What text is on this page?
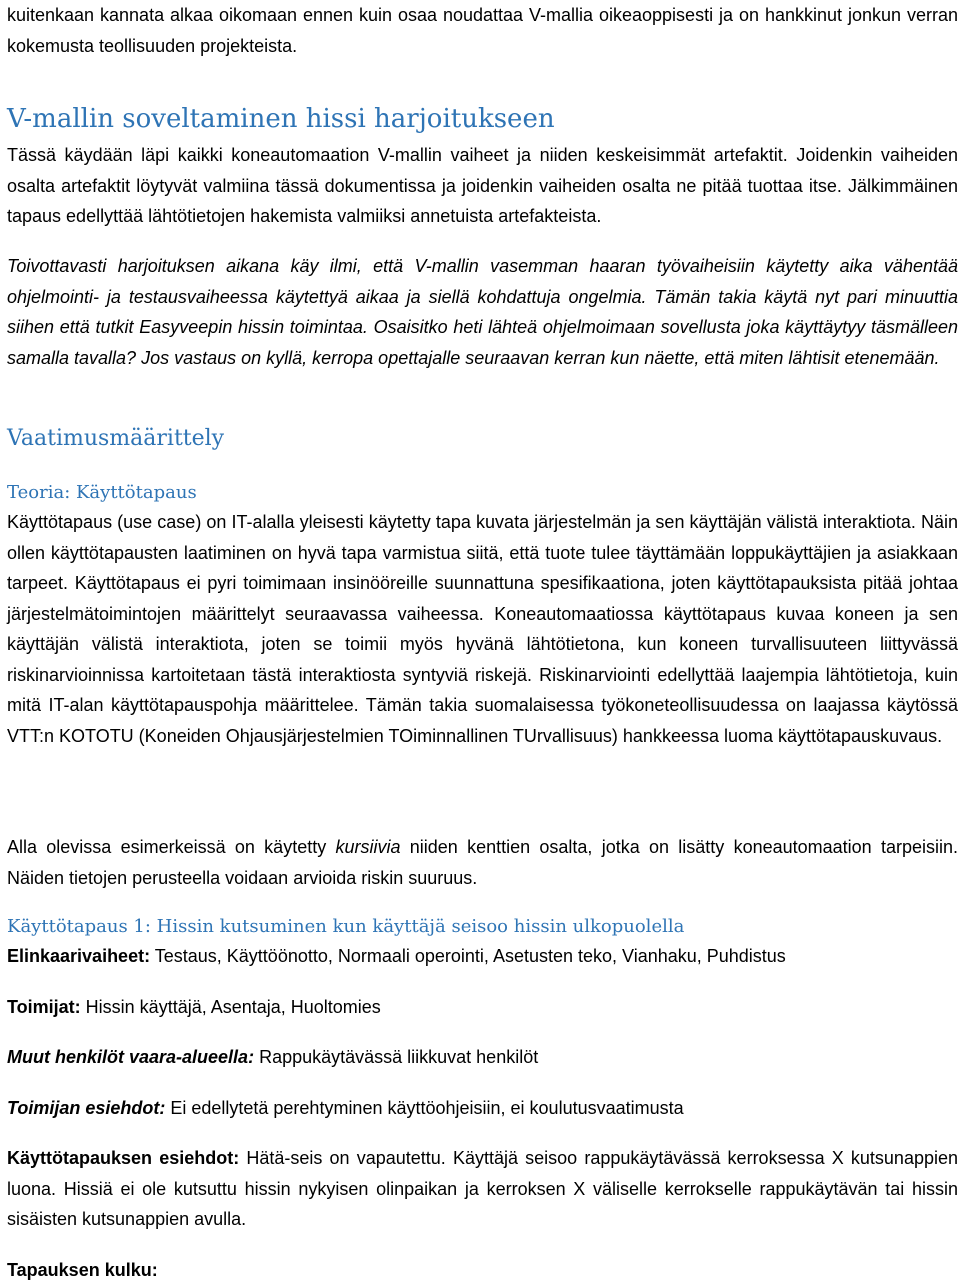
kuitenkaan kannata alkaa oikomaan ennen kuin osaa noudattaa V-mallia oikeaoppisesti ja on hankkinut jonkun verran kokemusta teollisuuden projekteista.

V-mallin soveltaminen hissi harjoitukseen

Tässä käydään läpi kaikki koneautomaation V-mallin vaiheet ja niiden keskeisimmät artefaktit. Joidenkin vaiheiden osalta artefaktit löytyvät valmiina tässä dokumentissa ja joidenkin vaiheiden osalta ne pitää tuottaa itse. Jälkimmäinen tapaus edellyttää lähtötietojen hakemista valmiiksi annetuista artefakteista.

Toivottavasti harjoituksen aikana käy ilmi, että V-mallin vasemman haaran työvaiheisiin käytetty aika vähentää ohjelmointi- ja testausvaiheessa käytettyä aikaa ja siellä kohdattuja ongelmia. Tämän takia käytä nyt pari minuuttia siihen että tutkit Easyveepin hissin toimintaa. Osaisitko heti lähteä ohjelmoimaan sovellusta joka käyttäytyy täsmälleen samalla tavalla? Jos vastaus on kyllä, kerropa opettajalle seuraavan kerran kun näette, että miten lähtisit etenemään.

Vaatimusmäärittely
Teoria: Käyttötapaus

Käyttötapaus (use case) on IT-alalla yleisesti käytetty tapa kuvata järjestelmän ja sen käyttäjän välistä interaktiota. Näin ollen käyttötapausten laatiminen on hyvä tapa varmistua siitä, että tuote tulee täyttämään loppukäyttäjien ja asiakkaan tarpeet. Käyttötapaus ei pyri toimimaan insinööreille suunnattuna spesifikaationa, joten käyttötapauksista pitää johtaa järjestelmätoimintojen määrittelyt seuraavassa vaiheessa. Koneautomaatiossa käyttötapaus kuvaa koneen ja sen käyttäjän välistä interaktiota, joten se toimii myös hyvänä lähtötietona, kun koneen turvallisuuteen liittyvässä riskinarvioinnissa kartoitetaan tästä interaktiosta syntyviä riskejä. Riskinarviointi edellyttää laajempia lähtötietoja, kuin mitä IT-alan käyttötapauspohja määrittelee. Tämän takia suomalaisessa työkoneteollisuudessa on laajassa käytössä VTT:n KOTOTU (Koneiden Ohjausjärjestelmien TOiminnallinen TUrvallisuus) hankkeessa luoma käyttötapauskuvaus.

Alla olevissa esimerkeissä on käytetty kursiivia niiden kenttien osalta, jotka on lisätty koneautomaation tarpeisiin. Näiden tietojen perusteella voidaan arvioida riskin suuruus.

Käyttötapaus 1: Hissin kutsuminen kun käyttäjä seisoo hissin ulkopuolella

Elinkaarivaiheet: Testaus, Käyttöönotto, Normaali operointi, Asetusten teko, Vianhaku, Puhdistus

Toimijat: Hissin käyttäjä, Asentaja, Huoltomies

Muut henkilöt vaara-alueella: Rappukäytävässä liikkuvat henkilöt

Toimijan esiehdot: Ei edellytetä perehtyminen käyttöohjeisiin, ei koulutusvaatimusta

Käyttötapauksen esiehdot: Hätä-seis on vapautettu. Käyttäjä seisoo rappukäytävässä kerroksessa X kutsunappien luona. Hissiä ei ole kutsuttu hissin nykyisen olinpaikan ja kerroksen X väliselle kerrokselle rappukäytävän tai hissin sisäisten kutsunappien avulla.

Tapauksen kulku:
